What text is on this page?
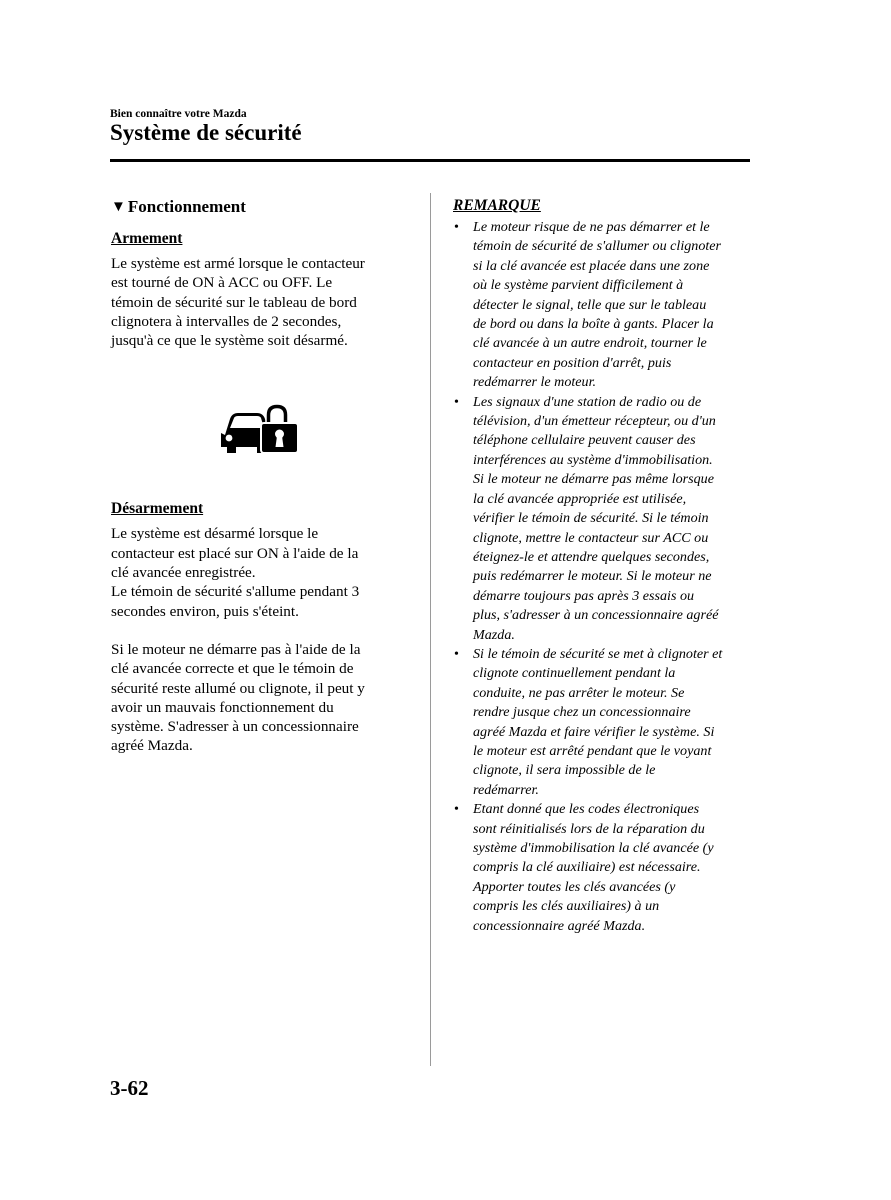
Bien connaître votre Mazda
Système de sécurité
▼ Fonctionnement
Armement

Le système est armé lorsque le contacteur
est tourné de ON à ACC ou OFF. Le
témoin de sécurité sur le tableau de bord
clignotera à intervalles de 2 secondes,
jusqu'à ce que le système soit désarmé.

Désarmement

Le système est désarmé lorsque le
contacteur est placé sur ON à l'aide de la
clé avancée enregistrée.
Le témoin de sécurité s'allume pendant 3
secondes environ, puis s'éteint.

Si le moteur ne démarre pas à l'aide de la
clé avancée correcte et que le témoin de
sécurité reste allumé ou clignote, il peut y
avoir un mauvais fonctionnement du
système. S'adresser à un concessionnaire
agréé Mazda.

REMARQUE
• Le moteur risque de ne pas démarrer et le
témoin de sécurité de s'allumer ou clignoter
si la clé avancée est placée dans une zone
où le système parvient difficilement à
détecter le signal, telle que sur le tableau
de bord ou dans la boîte à gants. Placer la
clé avancée à un autre endroit, tourner le
contacteur en position d'arrêt, puis
redémarrer le moteur.
• Les signaux d'une station de radio ou de
télévision, d'un émetteur récepteur, ou d'un
téléphone cellulaire peuvent causer des
interférences au système d'immobilisation.
Si le moteur ne démarre pas même lorsque
la clé avancée appropriée est utilisée,
vérifier le témoin de sécurité. Si le témoin
clignote, mettre le contacteur sur ACC ou
éteignez-le et attendre quelques secondes,
puis redémarrer le moteur. Si le moteur ne
démarre toujours pas après 3 essais ou
plus, s'adresser à un concessionnaire agréé
Mazda.
• Si le témoin de sécurité se met à clignoter et
clignote continuellement pendant la
conduite, ne pas arrêter le moteur. Se
rendre jusque chez un concessionnaire
agréé Mazda et faire vérifier le système. Si
le moteur est arrêté pendant que le voyant
clignote, il sera impossible de le
redémarrer.
• Etant donné que les codes électroniques
sont réinitialisés lors de la réparation du
système d'immobilisation la clé avancée (y
compris la clé auxiliaire) est nécessaire.
Apporter toutes les clés avancées (y
compris les clés auxiliaires) à un
concessionnaire agréé Mazda.
3-62
